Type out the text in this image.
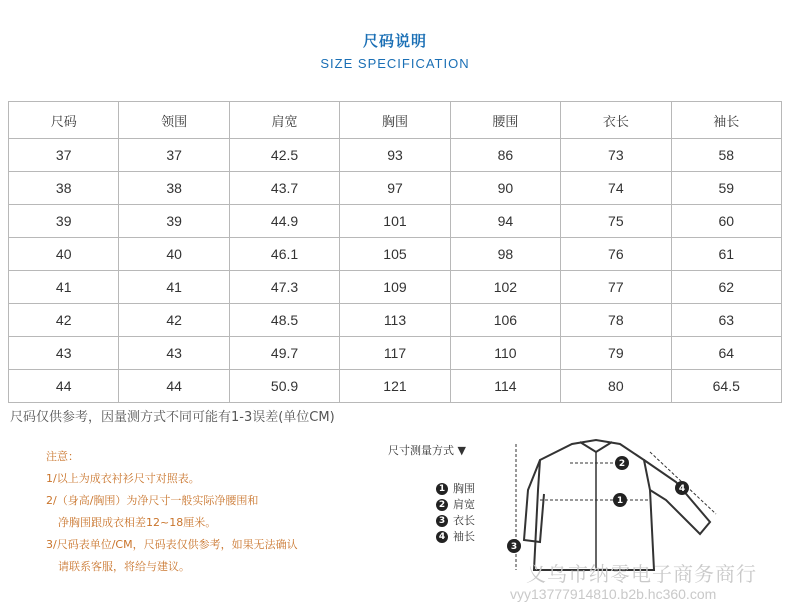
尺码说明
SIZE SPECIFICATION
尺码	领围	肩宽	胸围	腰围	衣长	袖长
37	37	42.5	93	86	73	58
38	38	43.7	97	90	74	59
39	39	44.9	101	94	75	60
40	40	46.1	105	98	76	61
41	41	47.3	109	102	77	62
42	42	48.5	113	106	78	63
43	43	49.7	117	110	79	64
44	44	50.9	121	114	80	64.5
尺码仅供参考，因量测方式不同可能有1-3误差(单位CM)
注意：
1/以上为成衣衬衫尺寸对照表。
2/（身高/胸围）为净尺寸一般实际净腰围和
净胸围跟成衣相差12~18厘米。
3/尺码表单位/CM，尺码表仅供参考，如果无法确认
请联系客服，将给与建议。
尺寸测量方式 ▼
1 胸围
2 肩宽
3 衣长
4 袖长
1
2
3
4
义乌市纳零电子商务商行
vyy13777914810.b2b.hc360.com
